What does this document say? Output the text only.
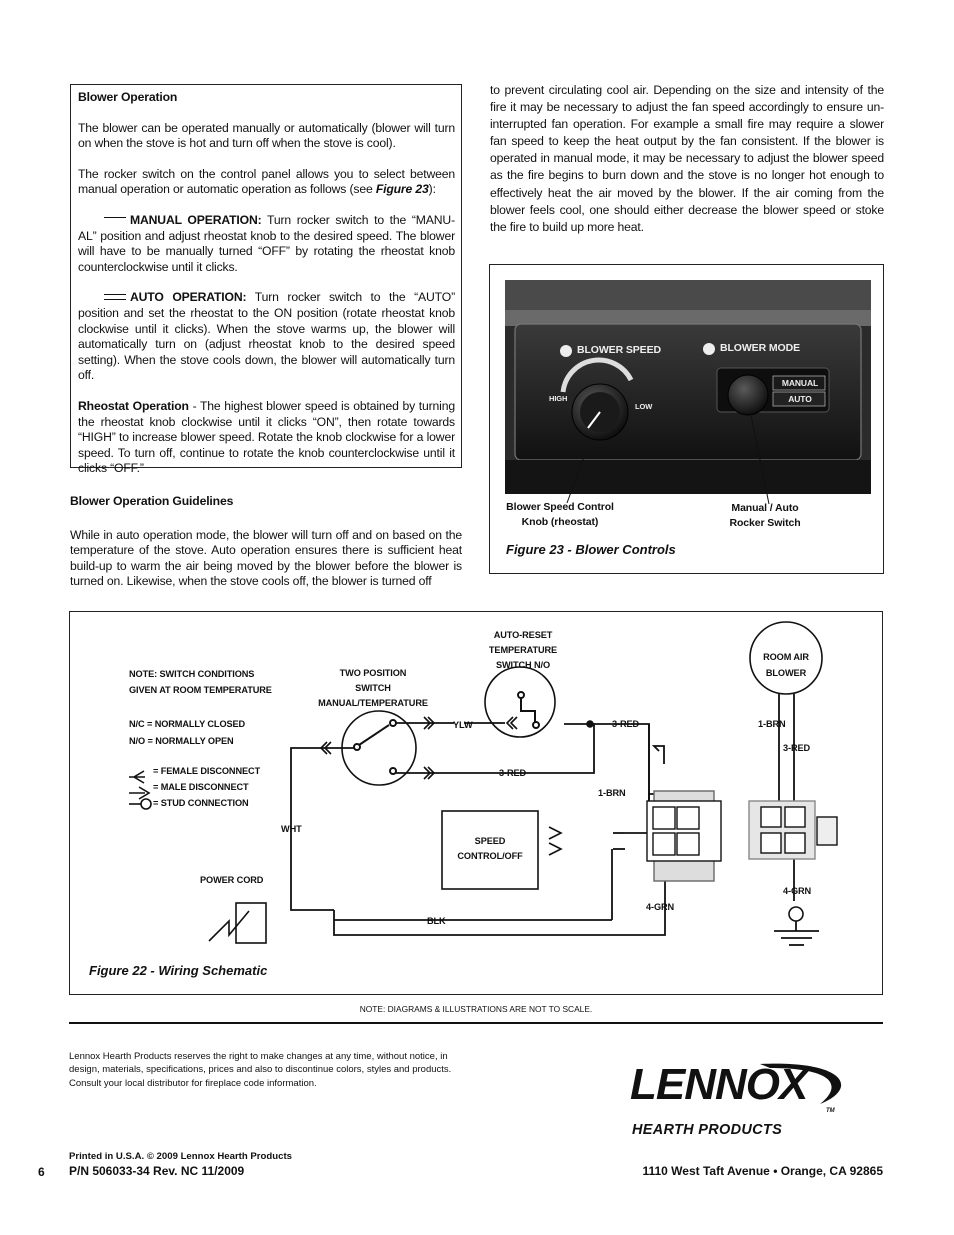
Blower Operation

The blower can be operated manually or automatically (blower will turn on when the stove is hot and turn off when the stove is cool).

The rocker switch on the control panel allows you to select between manual operation or automatic operation as follows (see Figure 23):

MANUAL OPERATION: Turn rocker switch to the “MANU-AL” position and adjust rheostat knob to the desired speed. The blower will have to be manually turned “OFF” by rotating the rheostat knob counterclockwise until it clicks.

AUTO OPERATION: Turn rocker switch to the “AUTO” position and set the rheostat to the ON position (rotate rheostat knob clockwise until it clicks). When the stove warms up, the blower will automatically turn on (adjust rheostat knob to the desired speed setting). When the stove cools down, the blower will automatically turn off.

Rheostat Operation - The highest blower speed is obtained by turning the rheostat knob clockwise until it clicks “ON”, then rotate towards “HIGH” to increase blower speed. Rotate the knob clockwise for a lower speed. To turn off, continue to rotate the knob counterclockwise until it clicks “OFF.”

Blower Operation Guidelines

While in auto operation mode, the blower will turn off and on based on the temperature of the stove. Auto operation ensures there is sufficient heat build-up to warm the air being moved by the blower before the blower is turned on. Likewise, when the stove cools off, the blower is turned off

to prevent circulating cool air. Depending on the size and intensity of the fire it may be necessary to adjust the fan speed accordingly to ensure un-interrupted fan operation. For example a small fire may require a slower fan speed to keep the heat output by the fan consistent. If the blower is operated in manual mode, it may be necessary to adjust the blower speed as the fire begins to burn down and the stove is no longer hot enough to effectively heat the air moved by the blower. If the air coming from the blower feels cool, one should either decrease the blower speed or stoke the fire to build up more heat.
BLOWER SPEED	BLOWER MODE
HIGH
LOW
MANUAL
AUTO
Blower Speed Control
Knob (rheostat)
Manual / Auto
Rocker Switch
Figure 23 - Blower Controls
NOTE: SWITCH CONDITIONS
GIVEN AT ROOM TEMPERATURE
N/C = NORMALLY CLOSED
N/O = NORMALLY OPEN
= FEMALE DISCONNECT
= MALE DISCONNECT
= STUD CONNECTION
TWO POSITION
SWITCH
MANUAL/TEMPERATURE
AUTO-RESET
TEMPERATURE
SWITCH N/O
ROOM AIR
BLOWER
SPEED
CONTROL/OFF
POWER CORD
WHT
YLW
3-RED
3-RED
3-RED
1-BRN
1-BRN
4-GRN
4-GRN
BLK
Figure 22 - Wiring Schematic
NOTE: DIAGRAMS & ILLUSTRATIONS ARE NOT TO SCALE.
Lennox Hearth Products reserves the right to make changes at any time, without notice, in design, materials, specifications, prices and also to discontinue colors, styles and products. Consult your local distributor for fireplace code information.	LENNOX
TM
HEARTH PRODUCTS
6
Printed in U.S.A. © 2009 Lennox Hearth Products
P/N 506033-34 Rev. NC 11/2009	1110 West Taft Avenue • Orange, CA 92865
